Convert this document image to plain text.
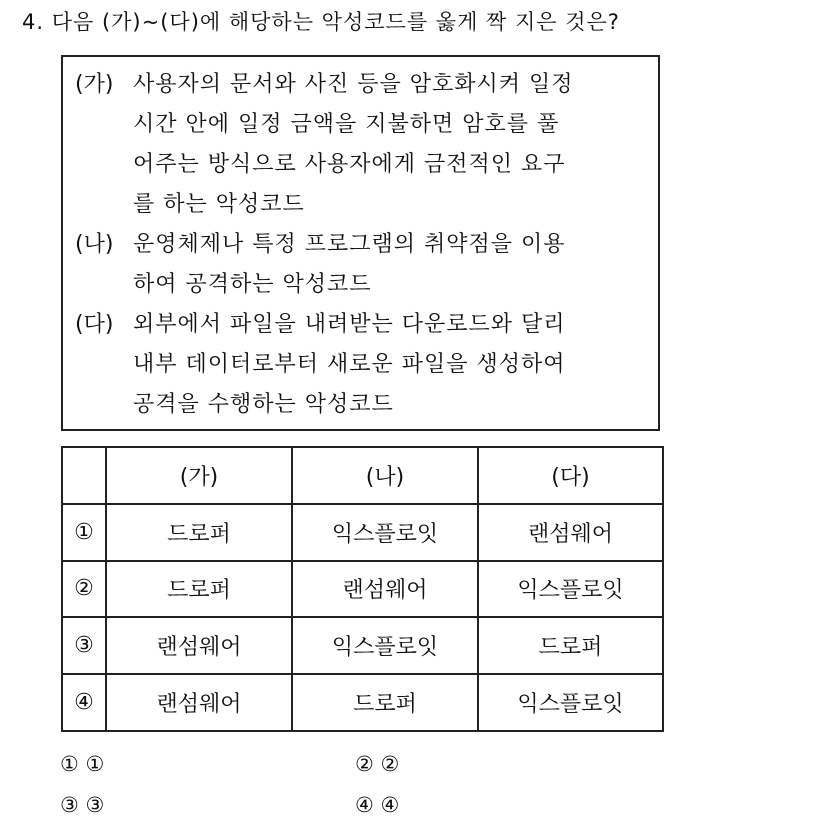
4. 다음 (가)~(다)에 해당하는 악성코드를 옳게 짝 지은 것은?
(가) 사용자의 문서와 사진 등을 암호화시켜 일정
시간 안에 일정 금액을 지불하면 암호를 풀
어주는 방식으로 사용자에게 금전적인 요구
를 하는 악성코드
(나) 운영체제나 특정 프로그램의 취약점을 이용
하여 공격하는 악성코드
(다) 외부에서 파일을 내려받는 다운로드와 달리
내부 데이터로부터 새로운 파일을 생성하여
공격을 수행하는 악성코드
	(가)	(나)	(다)
①	드로퍼	익스플로잇	랜섬웨어
②	드로퍼	랜섬웨어	익스플로잇
③	랜섬웨어	익스플로잇	드로퍼
④	랜섬웨어	드로퍼	익스플로잇
① ①	② ②
③ ③	④ ④
